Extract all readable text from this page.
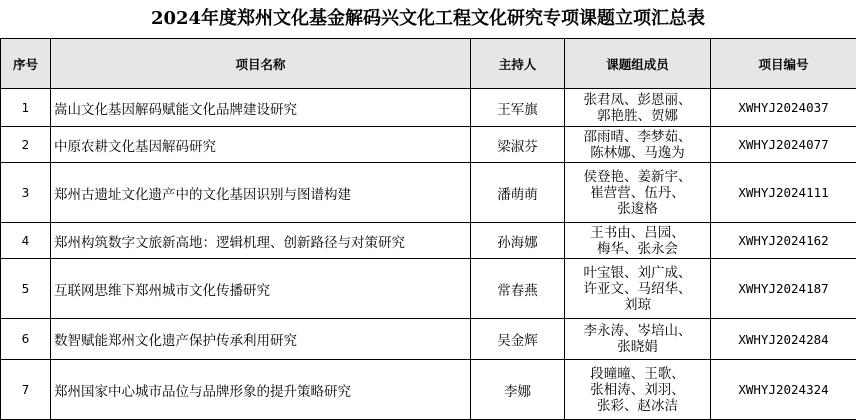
2024年度郑州文化基金解码兴文化工程文化研究专项课题立项汇总表
序号	项目名称	主持人	课题组成员	项目编号
1	嵩山文化基因解码赋能文化品牌建设研究	王军旗	张君凤、彭恩丽、
郭艳胜、贺娜	XWHYJ2024037
2	中原农耕文化基因解码研究	梁淑芬	邵雨晴、李梦茹、
陈林娜、马逸为	XWHYJ2024077
3	郑州古遗址文化遗产中的文化基因识别与图谱构建	潘萌萌	侯登艳、姜新宇、
崔营营、伍丹、
张逡格	XWHYJ2024111
4	郑州构筑数字文旅新高地：逻辑机理、创新路径与对策研究	孙海娜	王书由、吕园、
梅华、张永会	XWHYJ2024162
5	互联网思维下郑州城市文化传播研究	常春燕	叶宝银、刘广成、
许亚文、马绍华、
刘琼	XWHYJ2024187
6	数智赋能郑州文化遗产保护传承利用研究	吴金辉	李永涛、岑培山、
张晓娟	XWHYJ2024284
7	郑州国家中心城市品位与品牌形象的提升策略研究	李娜	段曈曈、王歌、
张相涛、刘羽、
张彩、赵冰洁	XWHYJ2024324
